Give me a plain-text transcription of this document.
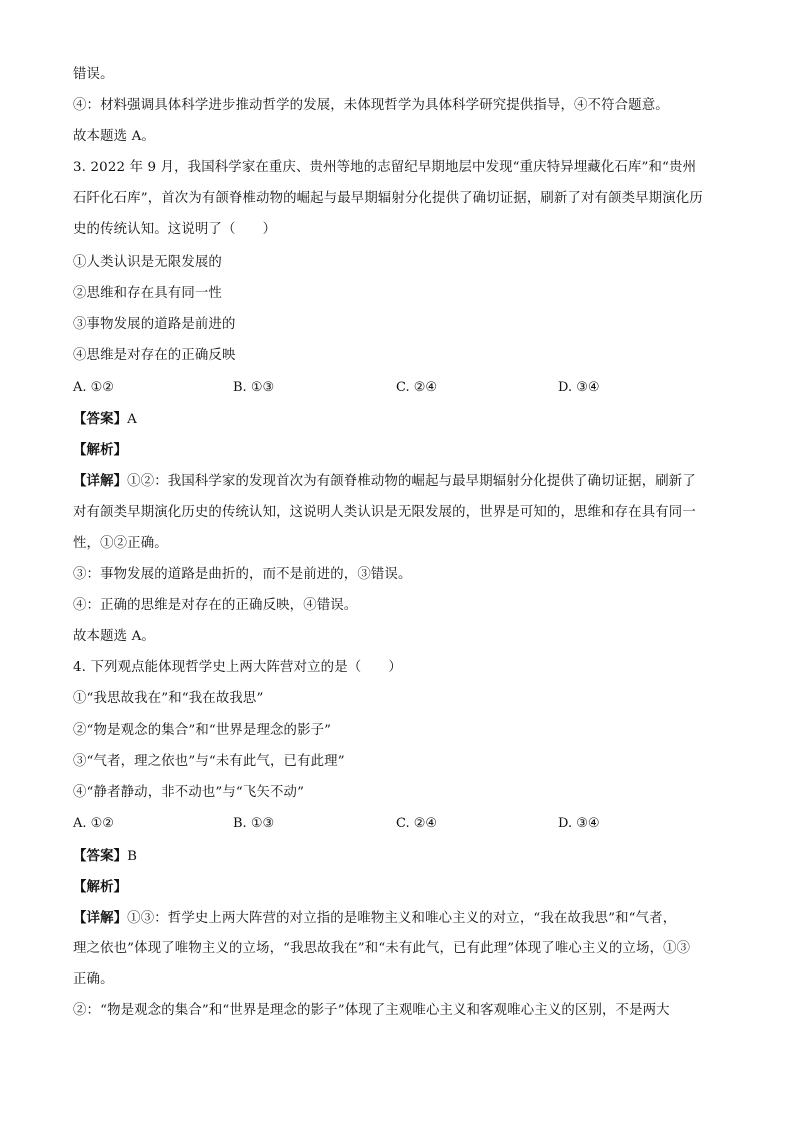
错误。
④：材料强调具体科学进步推动哲学的发展，未体现哲学为具体科学研究提供指导，④不符合题意。
故本题选 A。
3. 2022 年 9 月，我国科学家在重庆、贵州等地的志留纪早期地层中发现“重庆特异埋藏化石库”和“贵州
石阡化石库”，首次为有颌脊椎动物的崛起与最早期辐射分化提供了确切证据，刷新了对有颌类早期演化历
史的传统认知。这说明了（　　）
①人类认识是无限发展的
②思维和存在具有同一性
③事物发展的道路是前进的
④思维是对存在的正确反映
A. ①②	B. ①③	C. ②④	D. ③④
【答案】A
【解析】
【详解】①②：我国科学家的发现首次为有颌脊椎动物的崛起与最早期辐射分化提供了确切证据，刷新了
对有颌类早期演化历史的传统认知，这说明人类认识是无限发展的，世界是可知的，思维和存在具有同一
性，①②正确。
③：事物发展的道路是曲折的，而不是前进的，③错误。
④：正确的思维是对存在的正确反映，④错误。
故本题选 A。
4. 下列观点能体现哲学史上两大阵营对立的是（　　）
①“我思故我在”和“我在故我思”
②“物是观念的集合”和“世界是理念的影子”
③“气者，理之依也”与“未有此气，已有此理”
④“静者静动，非不动也”与“飞矢不动”
A. ①②	B. ①③	C. ②④	D. ③④
【答案】B
【解析】
【详解】①③：哲学史上两大阵营的对立指的是唯物主义和唯心主义的对立，“我在故我思”和“气者，
理之依也”体现了唯物主义的立场，“我思故我在”和“未有此气，已有此理”体现了唯心主义的立场，①③
正确。
②：“物是观念的集合”和“世界是理念的影子”体现了主观唯心主义和客观唯心主义的区别，不是两大
